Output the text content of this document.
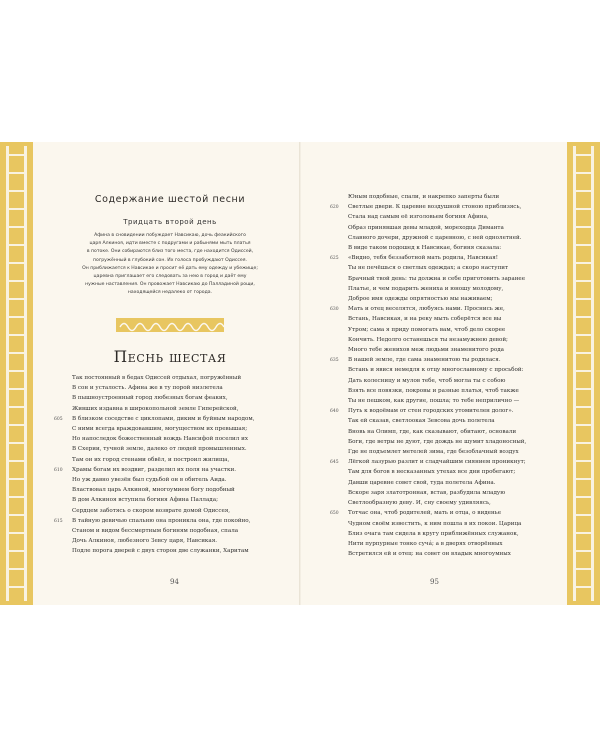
Содержание шестой песни
Тридцать второй день
Афина в сновидении побуждает Навсикаю, дочь феакийского
царя Алкиноя, идти вместе с подругами и рабынями мыть платья
в потоке. Они собираются близ того места, где находится Одиссей,
погружённый в глубокий сон. Их голоса пробуждают Одиссея.
Он приближается к Навсикае и просит её дать ему одежду и убежище;
царевна приглашает его следовать за нею в город и даёт ему
нужные наставления. Он провожает Навсикаю до Палладиной рощи,
находящейся недалеко от города.
Песнь шестая
Так постоянный в бедах Одиссей отдыхал, погружённый
В сон и усталость. Афина же в ту порой низлетела
В пышноустроенный город любезных богам феаких,
Живших издавна в широкопольной земле Гиперейской,
605 В близком соседстве с циклопами, диким и буйным народом,
С ними всегда враждовавшим, могуществом их превышая;
Но напоследок божественный вождь Навсифой поселил их
В Схерии, тучной земле, далеко от людей промышленных.
Там он их город стенами обвёл, и построил жилища,
610 Храмы богам их воздвиг, разделил их поля на участки.
Но уж давно увезён был судьбой он в обитель Аида.
Властвовал царь Алкиной, многоумием богу подобный
В дом Алкиноя вступила богиня Афина Паллада;
Сердцем заботясь о скором возврате домой Одиссея,
615 В тайную девичью спальню она проникла она, где покойно,
Станом и видом бессмертным богиням подобная, спала
Дочь Алкиноя, любезного Зевсу царя, Навсикая.
Подле порога дверей с двух сторон две служанки, Харитам
94
Юным подобные, спали, и накрепко заперты были
620 Светлые двери. К царевне воздушной стоною приблизясь,
Стала над самым её изголовьем богиня Афина,
Образ принявшая девы младой, мореходца Диманта
Славного дочери, дружной с царевною, с ней однолетней.
В виде таком подошед к Навсикае, богиня сказала:
625 «Видно, тебя беззаботной мать родила, Навсикая!
Ты не печёшься о светлых одеждах; а скоро наступит
Брачный твой день: ты должна и себе приготовить заранее
Платье, и чем подарить жениха и юношу молодому,
Доброе имя одежды опрятностью мы наживаем;
630 Мать и отец веселятся, любуясь нами. Проснись же,
Встань, Навсикая, и на реку мыть соберётся все вы
Утром; сама я приду помогать вам, чтоб дело скорее
Кончить. Недолго останешься ты незамужнею девой;
Много тебе женихов меж людьми знаменитого рода
635 В нашей земле, где сама знаменитою ты родилася.
Встань и явися немедля к отцу многославному с просьбой:
Дать колесницу и мулов тебе, чтоб могла ты с собою
Взять все повязки, покровы и разные платья, чтоб также
Ты не пешком, как другие, пошла; то тебе неприлично —
640 Путь к водоёмам от стен городских утомителен долог».
Так ей сказав, светлоокая Зевсова дочь полетела
Вновь на Олимп, где, как сказывают, обитают, основали
Боги, где ветры не дуют, где дождь не шумит хладоносный,
Где не подъемлет метелей зима, где безоблачный воздух
645 Лёгкой лазурью разлит и сладчайшим сиянием проникнут;
Там для богов в несказанных утехах все дни пробегают;
Давши царевне совет свой, туда полетела Афина.
Вскоре заря златотронная, встав, разбудила младую
Светлообразную деву. И, сну своему удивляясь,
650 Тотчас она, чтоб родителей, мать и отца, о виденье
Чудном своём известить, к ним пошла в их покои. Царица
Близ очага там сидела в кругу приближённых служанок,
Нити пурпурные тонко сучá; а в дверях отворённых
Встретился ей и отец: на совет он владык многоумных
95
